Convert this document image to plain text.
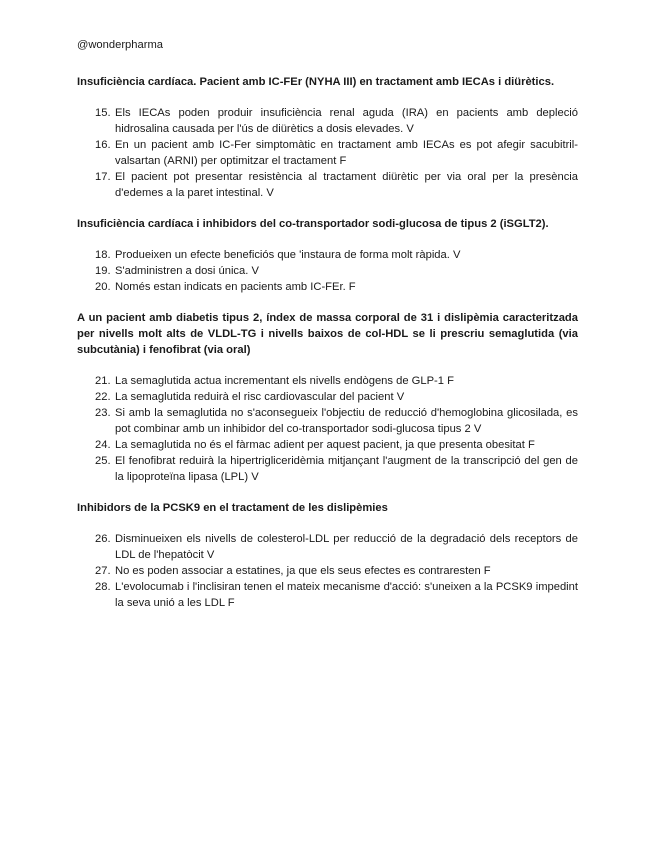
@wonderpharma
Insuficiència cardíaca. Pacient amb IC-FEr (NYHA III) en tractament amb IECAs i diürètics.
15. Els IECAs poden produir insuficiència renal aguda (IRA) en pacients amb depleció hidrosalina causada per l'ús de diürètics a dosis elevades. V
16. En un pacient amb IC-Fer simptomàtic en tractament amb IECAs es pot afegir sacubitril-valsartan (ARNI) per optimitzar el tractament F
17. El pacient pot presentar resistència al tractament diürètic per via oral per la presència d'edemes a la paret intestinal. V
Insuficiència cardíaca i inhibidors del co-transportador sodi-glucosa de tipus 2 (iSGLT2).
18. Produeixen un efecte beneficiós que 'instaura de forma molt ràpida. V
19. S'administren a dosi única. V
20. Només estan indicats en pacients amb IC-FEr. F
A un pacient amb diabetis tipus 2, índex de massa corporal de 31 i dislipèmia caracteritzada per nivells molt alts de VLDL-TG i nivells baixos de col-HDL se li prescriu semaglutida (via subcutània) i fenofibrat (via oral)
21. La semaglutida actua incrementant els nivells endògens de GLP-1 F
22. La semaglutida reduirà el risc cardiovascular del pacient V
23. Si amb la semaglutida no s'aconsegueix l'objectiu de reducció d'hemoglobina glicosilada, es pot combinar amb un inhibidor del co-transportador sodi-glucosa tipus 2 V
24. La semaglutida no és el fàrmac adient per aquest pacient, ja que presenta obesitat F
25. El fenofibrat reduirà la hipertrigliceridèmia mitjançant l'augment de la transcripció del gen de la lipoproteïna lipasa (LPL) V
Inhibidors de la PCSK9 en el tractament de les dislipèmies
26. Disminueixen els nivells de colesterol-LDL per reducció de la degradació dels receptors de LDL de l'hepatòcit V
27. No es poden associar a estatines, ja que els seus efectes es contraresten F
28. L'evolocumab i l'inclisiran tenen el mateix mecanisme d'acció: s'uneixen a la PCSK9 impedint la seva unió a les LDL F
